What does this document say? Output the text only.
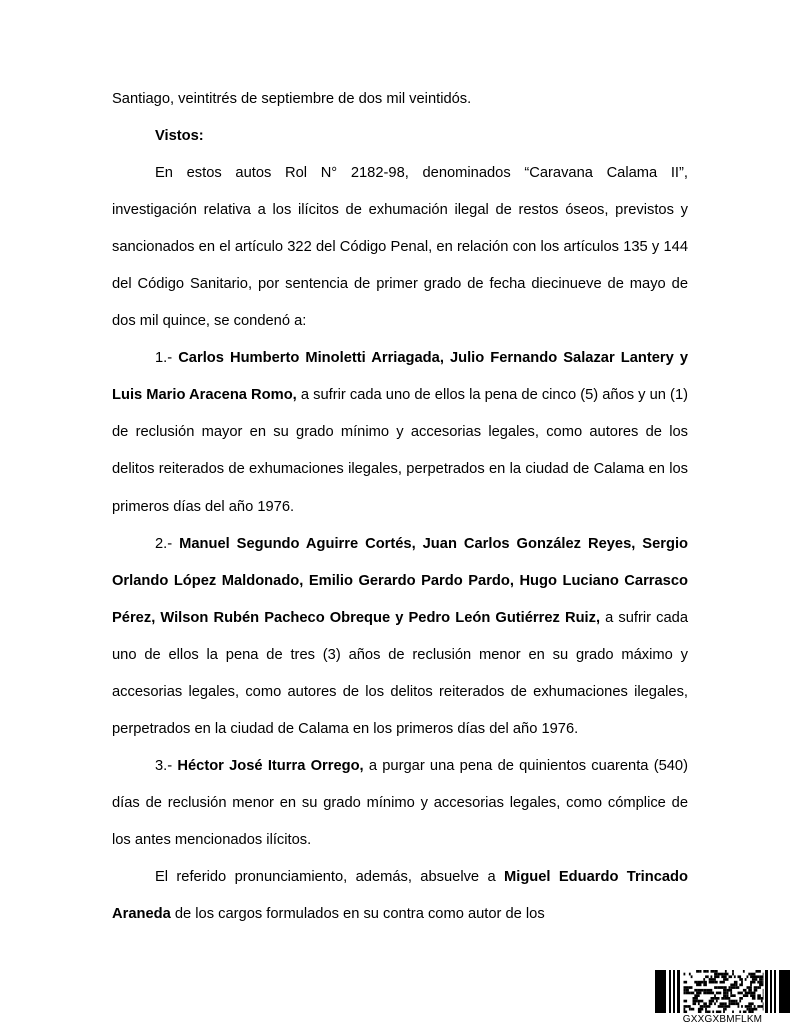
Santiago, veintitrés de septiembre de dos mil veintidós.

Vistos:

En estos autos Rol N° 2182-98, denominados “Caravana Calama II”, investigación relativa a los ilícitos de exhumación ilegal de restos óseos, previstos y sancionados en el artículo 322 del Código Penal, en relación con los artículos 135 y 144 del Código Sanitario, por sentencia de primer grado de fecha diecinueve de mayo de dos mil quince, se condenó a:

1.- Carlos Humberto Minoletti Arriagada, Julio Fernando Salazar Lantery y Luis Mario Aracena Romo, a sufrir cada uno de ellos la pena de cinco (5) años y un (1) de reclusión mayor en su grado mínimo y accesorias legales, como autores de los delitos reiterados de exhumaciones ilegales, perpetrados en la ciudad de Calama en los primeros días del año 1976.

2.- Manuel Segundo Aguirre Cortés, Juan Carlos González Reyes, Sergio Orlando López Maldonado, Emilio Gerardo Pardo Pardo, Hugo Luciano Carrasco Pérez, Wilson Rubén Pacheco Obreque y Pedro León Gutiérrez Ruiz, a sufrir cada uno de ellos la pena de tres (3) años de reclusión menor en su grado máximo y accesorias legales, como autores de los delitos reiterados de exhumaciones ilegales, perpetrados en la ciudad de Calama en los primeros días del año 1976.

3.- Héctor José Iturra Orrego, a purgar una pena de quinientos cuarenta (540) días de reclusión menor en su grado mínimo y accesorias legales, como cómplice de los antes mencionados ilícitos.

El referido pronunciamiento, además, absuelve a Miguel Eduardo Trincado Araneda de los cargos formulados en su contra como autor de los

GXXGXBMFLKM
